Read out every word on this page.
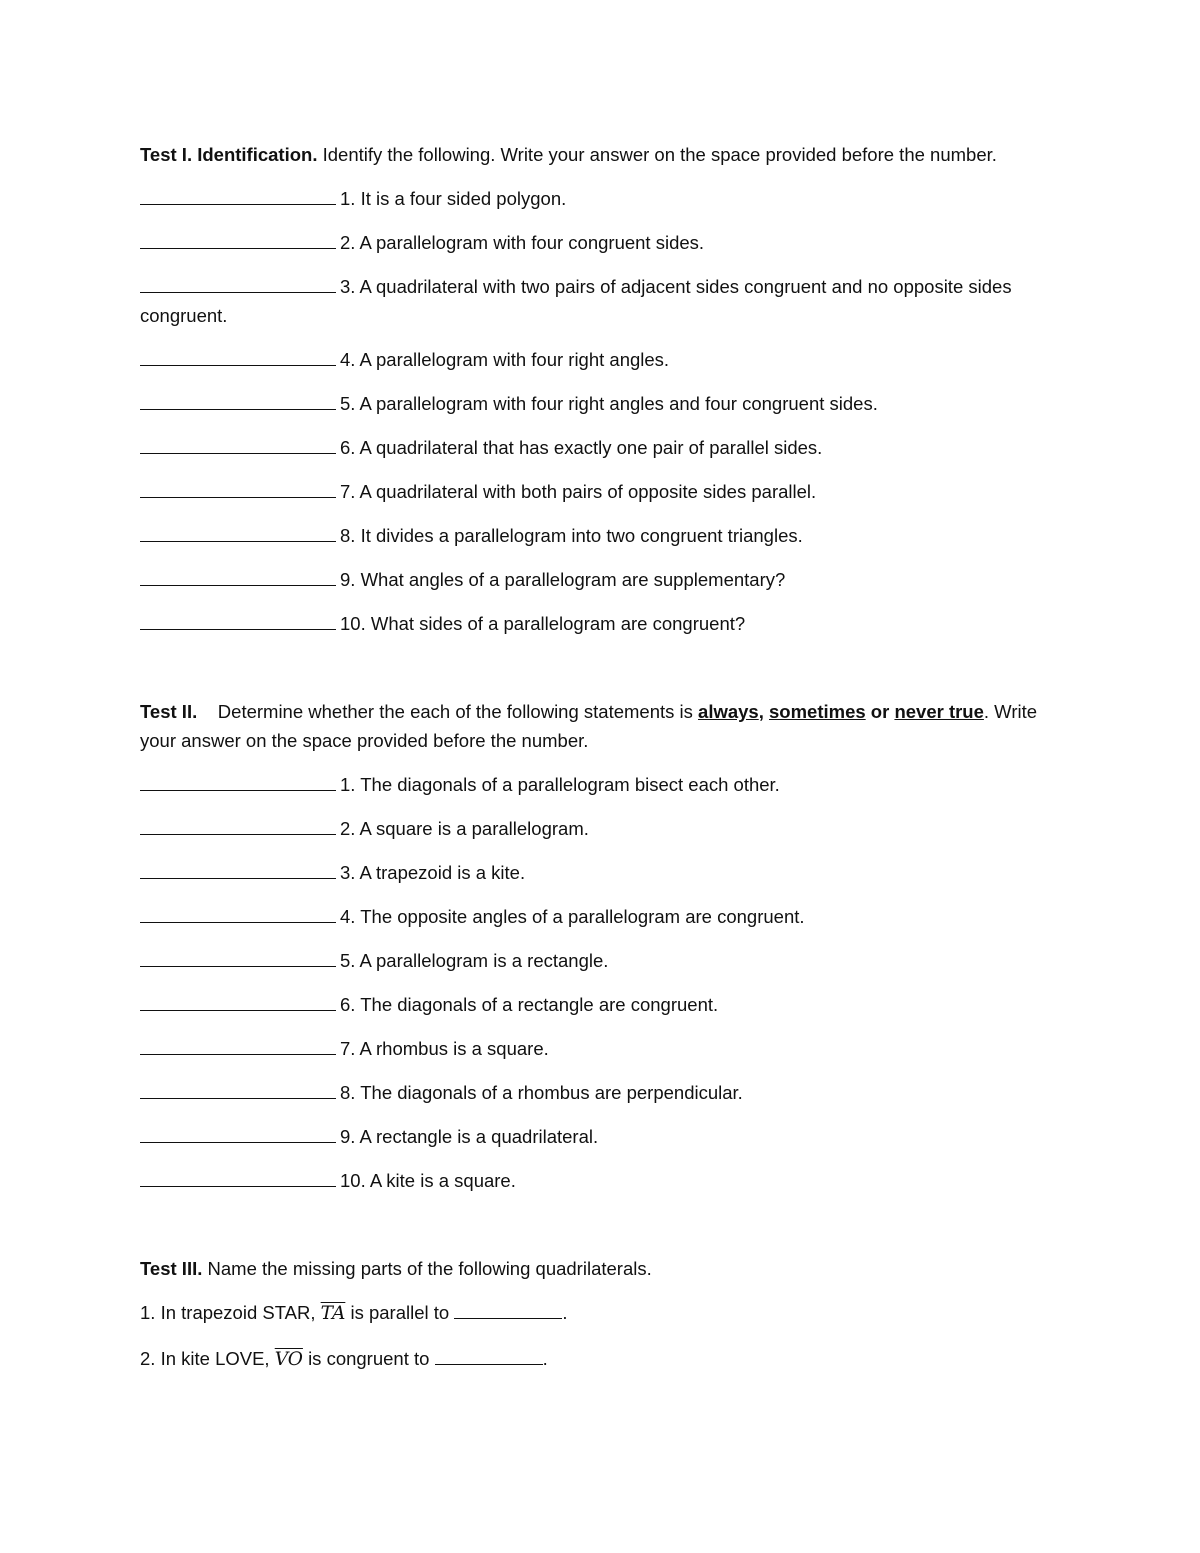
Test I. Identification. Identify the following. Write your answer on the space provided before the number.

1. It is a four sided polygon.

2. A parallelogram with four congruent sides.

3. A quadrilateral with two pairs of adjacent sides congruent and no opposite sides congruent.

4. A parallelogram with four right angles.

5. A parallelogram with four right angles and four congruent sides.

6. A quadrilateral that has exactly one pair of parallel sides.

7. A quadrilateral with both pairs of opposite sides parallel.

8. It divides a parallelogram into two congruent triangles.

9. What angles of a parallelogram are supplementary?

10. What sides of a parallelogram are congruent?

Test II. Determine whether the each of the following statements is always, sometimes or never true. Write your answer on the space provided before the number.

1. The diagonals of a parallelogram bisect each other.

2. A square is a parallelogram.

3. A trapezoid is a kite.

4. The opposite angles of a parallelogram are congruent.

5. A parallelogram is a rectangle.

6. The diagonals of a rectangle are congruent.

7. A rhombus is a square.

8. The diagonals of a rhombus are perpendicular.

9. A rectangle is a quadrilateral.

10. A kite is a square.

Test III. Name the missing parts of the following quadrilaterals.

1. In trapezoid STAR, $\overline{TA}$ is parallel to	.

2. In kite LOVE, $\overline{VO}$ is congruent to	.
